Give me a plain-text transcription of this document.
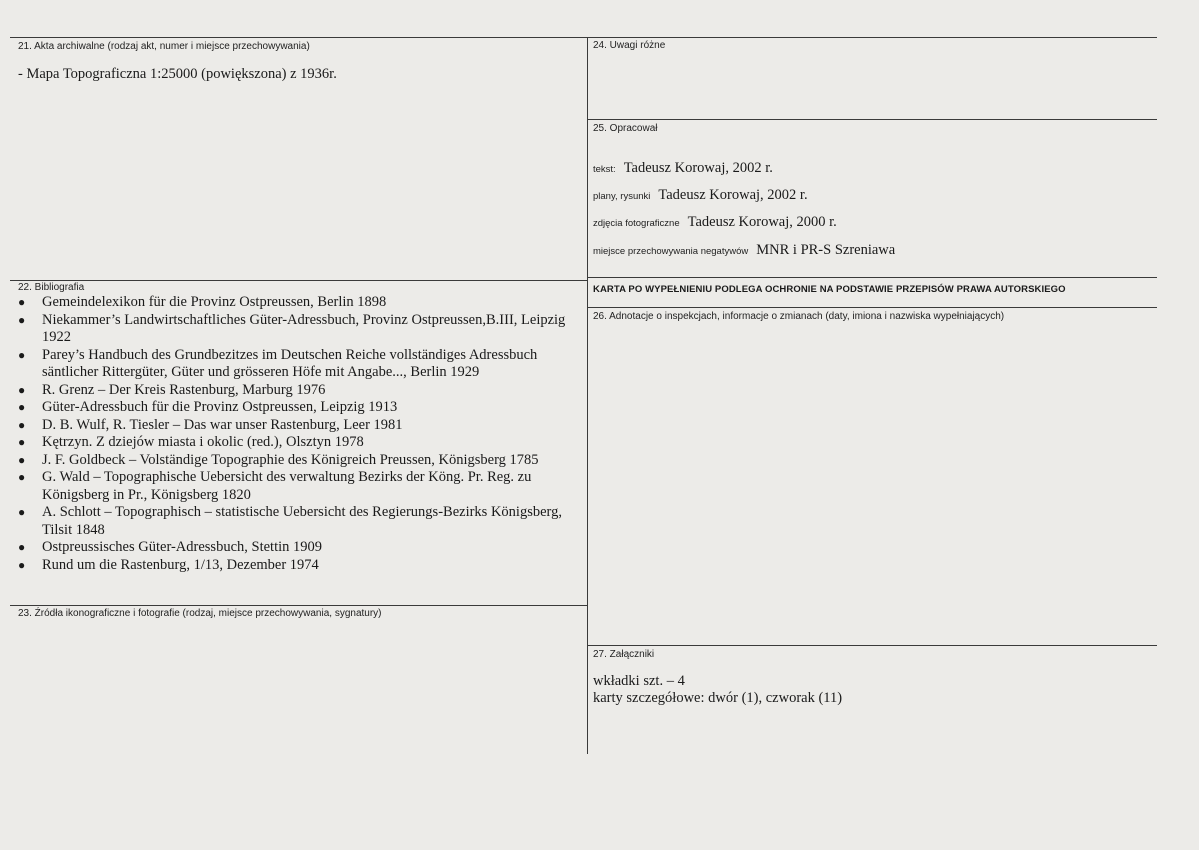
21. Akta archiwalne (rodzaj akt, numer i miejsce przechowywania)
- Mapa Topograficzna 1:25000 (powiększona) z 1936r.
22. Bibliografia
● Gemeindelexikon für die Provinz Ostpreussen, Berlin 1898
● Niekammer’s Landwirtschaftliches Güter-Adressbuch, Provinz Ostpreussen,B.III, Leipzig 1922
● Parey’s Handbuch des Grundbezitzes im Deutschen Reiche vollständiges Adressbuch säntlicher Rittergüter, Güter und grösseren Höfe mit Angabe..., Berlin 1929
● R. Grenz – Der Kreis Rastenburg, Marburg 1976
● Güter-Adressbuch für die Provinz Ostpreussen, Leipzig 1913
● D. B. Wulf, R. Tiesler – Das war unser Rastenburg, Leer 1981
● Kętrzyn. Z dziejów miasta i okolic (red.), Olsztyn 1978
● J. F. Goldbeck – Volständige Topographie des Königreich Preussen, Königsberg 1785
● G. Wald – Topographische Uebersicht des verwaltung Bezirks der Köng. Pr. Reg. zu Königsberg in Pr., Königsberg 1820
● A. Schlott – Topographisch – statistische Uebersicht des Regierungs-Bezirks Königsberg, Tilsit 1848
● Ostpreussisches Güter-Adressbuch, Stettin 1909
● Rund um die Rastenburg, 1/13, Dezember 1974
23. Źródła ikonograficzne i fotografie (rodzaj, miejsce przechowywania, sygnatury)
24. Uwagi różne
25. Opracował
tekst: Tadeusz Korowaj, 2002 r.
plany, rysunki Tadeusz Korowaj, 2002 r.
zdjęcia fotograficzne Tadeusz Korowaj, 2000 r.
miejsce przechowywania negatywów MNR i PR-S Szreniawa
KARTA PO WYPEŁNIENIU PODLEGA OCHRONIE NA PODSTAWIE PRZEPISÓW PRAWA AUTORSKIEGO
26. Adnotacje o inspekcjach, informacje o zmianach (daty, imiona i nazwiska wypełniających)
27. Załączniki
wkładki szt. – 4
karty szczegółowe: dwór (1), czworak (11)
